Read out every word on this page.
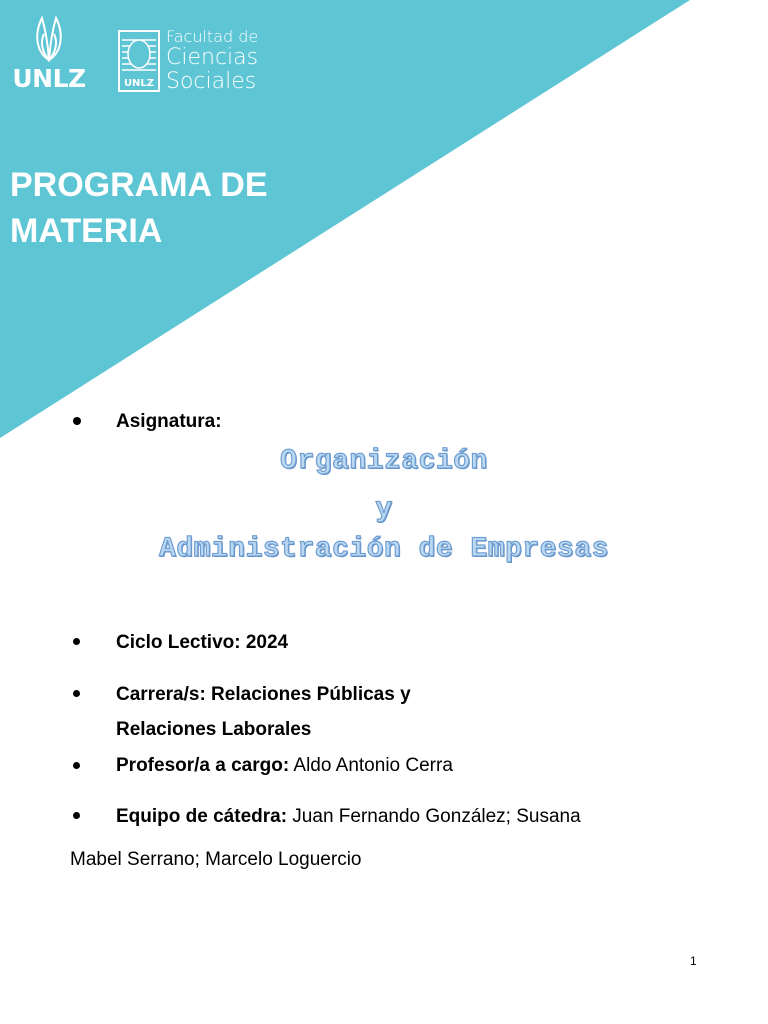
UNLZ	UNLZ
Facultad de
Ciencias
Sociales
PROGRAMA DE
MATERIA
Asignatura:
Organización
y
Administración de Empresas
Ciclo Lectivo: 2024
Carrera/s: Relaciones Públicas y
Relaciones Laborales
Profesor/a a cargo: Aldo Antonio Cerra
Equipo de cátedra: Juan Fernando González; Susana
Mabel Serrano; Marcelo Loguercio
1
